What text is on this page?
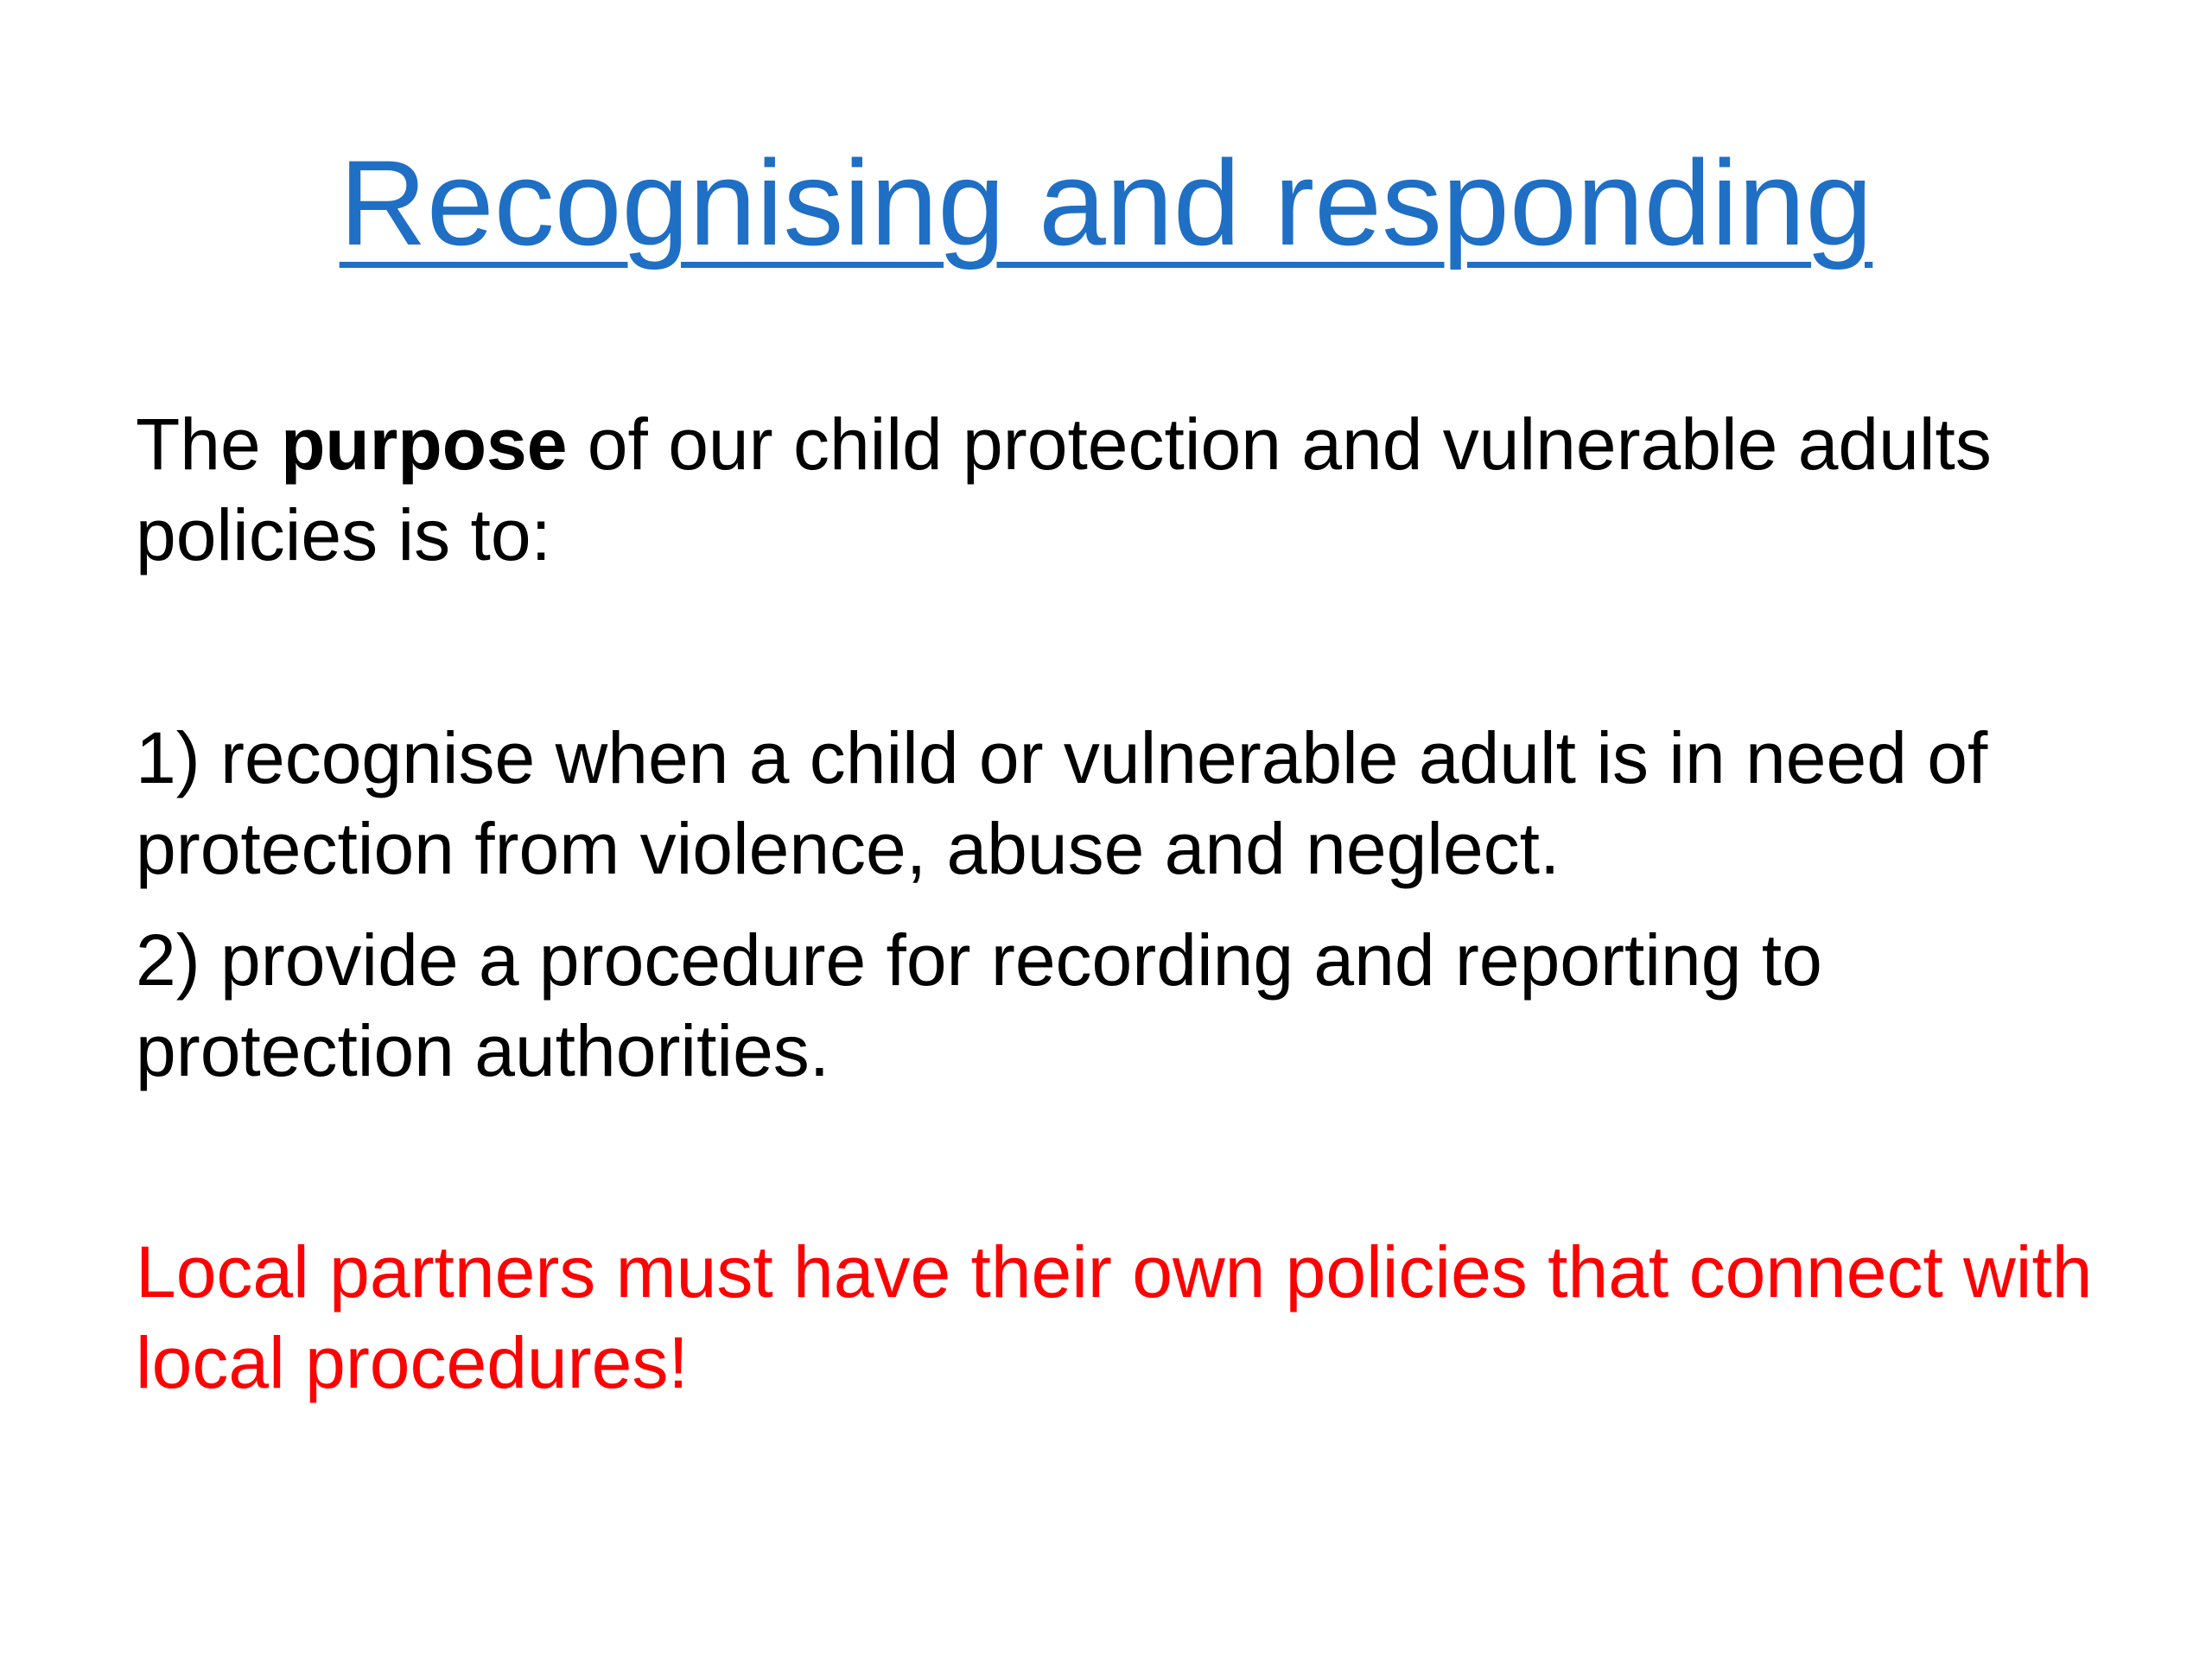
Recognising and responding

The purpose of our child protection and vulnerable adults policies is to:

1) recognise when a child or vulnerable adult is in need of protection from violence, abuse and neglect.

2) provide a procedure for recording and reporting to protection authorities.

Local partners must have their own policies that connect with local procedures!
